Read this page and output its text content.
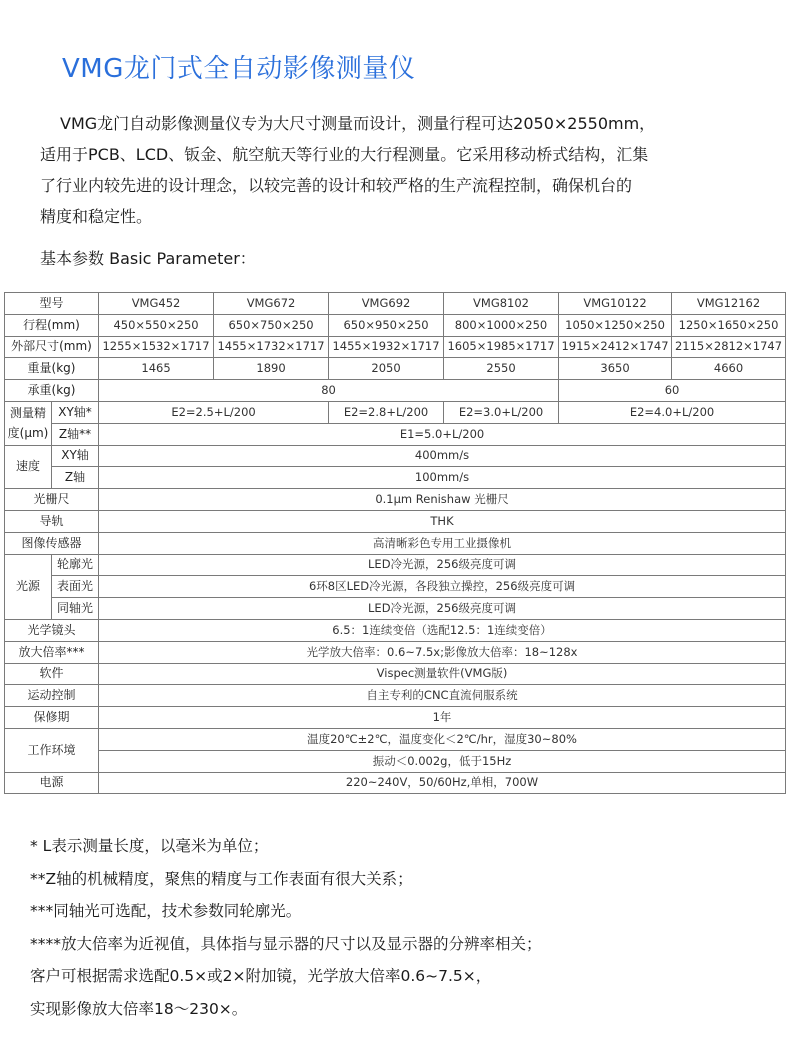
VMG龙门式全自动影像测量仪
VMG龙门自动影像测量仪专为大尺寸测量而设计，测量行程可达2050×2550mm，
适用于PCB、LCD、钣金、航空航天等行业的大行程测量。它采用移动桥式结构，汇集
了行业内较先进的设计理念，以较完善的设计和较严格的生产流程控制，确保机台的
精度和稳定性。
基本参数 Basic Parameter：
型号		VMG452	VMG672	VMG692	VMG8102	VMG10122	VMG12162
行程(mm)		450×550×250	650×750×250	650×950×250	800×1000×250	1050×1250×250	1250×1650×250
外部尺寸(mm)		1255×1532×1717	1455×1732×1717	1455×1932×1717	1605×1985×1717	1915×2412×1747	2115×2812×1747
重量(kg)		1465	1890	2050	2550	3650	4660
承重(kg)		80				60	
测量精度(μm)	XY轴*	E2=2.5+L/200		E2=2.8+L/200	E2=3.0+L/200	E2=4.0+L/200	
	Z轴**	E1=5.0+L/200					
速度	XY轴	400mm/s					
	Z轴	100mm/s					
光栅尺		0.1μm Renishaw 光栅尺					
导轨		THK					
图像传感器		高清晰彩色专用工业摄像机					
光源	轮廓光	LED冷光源，256级亮度可调					
	表面光	6环8区LED冷光源，各段独立操控，256级亮度可调					
	同轴光	LED冷光源，256级亮度可调					
光学镜头		6.5：1连续变倍（选配12.5：1连续变倍）					
放大倍率***		光学放大倍率：0.6~7.5x;影像放大倍率：18~128x					
软件		Vispec测量软件(VMG版)					
运动控制		自主专利的CNC直流伺服系统					
保修期		1年					
工作环境		温度20℃±2℃，温度变化＜2℃/hr，湿度30~80%					
		振动＜0.002g，低于15Hz					
电源		220~240V，50/60Hz,单相，700W					
* L表示测量长度，以毫米为单位；
**Z轴的机械精度，聚焦的精度与工作表面有很大关系；
***同轴光可选配，技术参数同轮廓光。
****放大倍率为近视值，具体指与显示器的尺寸以及显示器的分辨率相关；
客户可根据需求选配0.5×或2×附加镜，光学放大倍率0.6~7.5×，
实现影像放大倍率18～230×。
